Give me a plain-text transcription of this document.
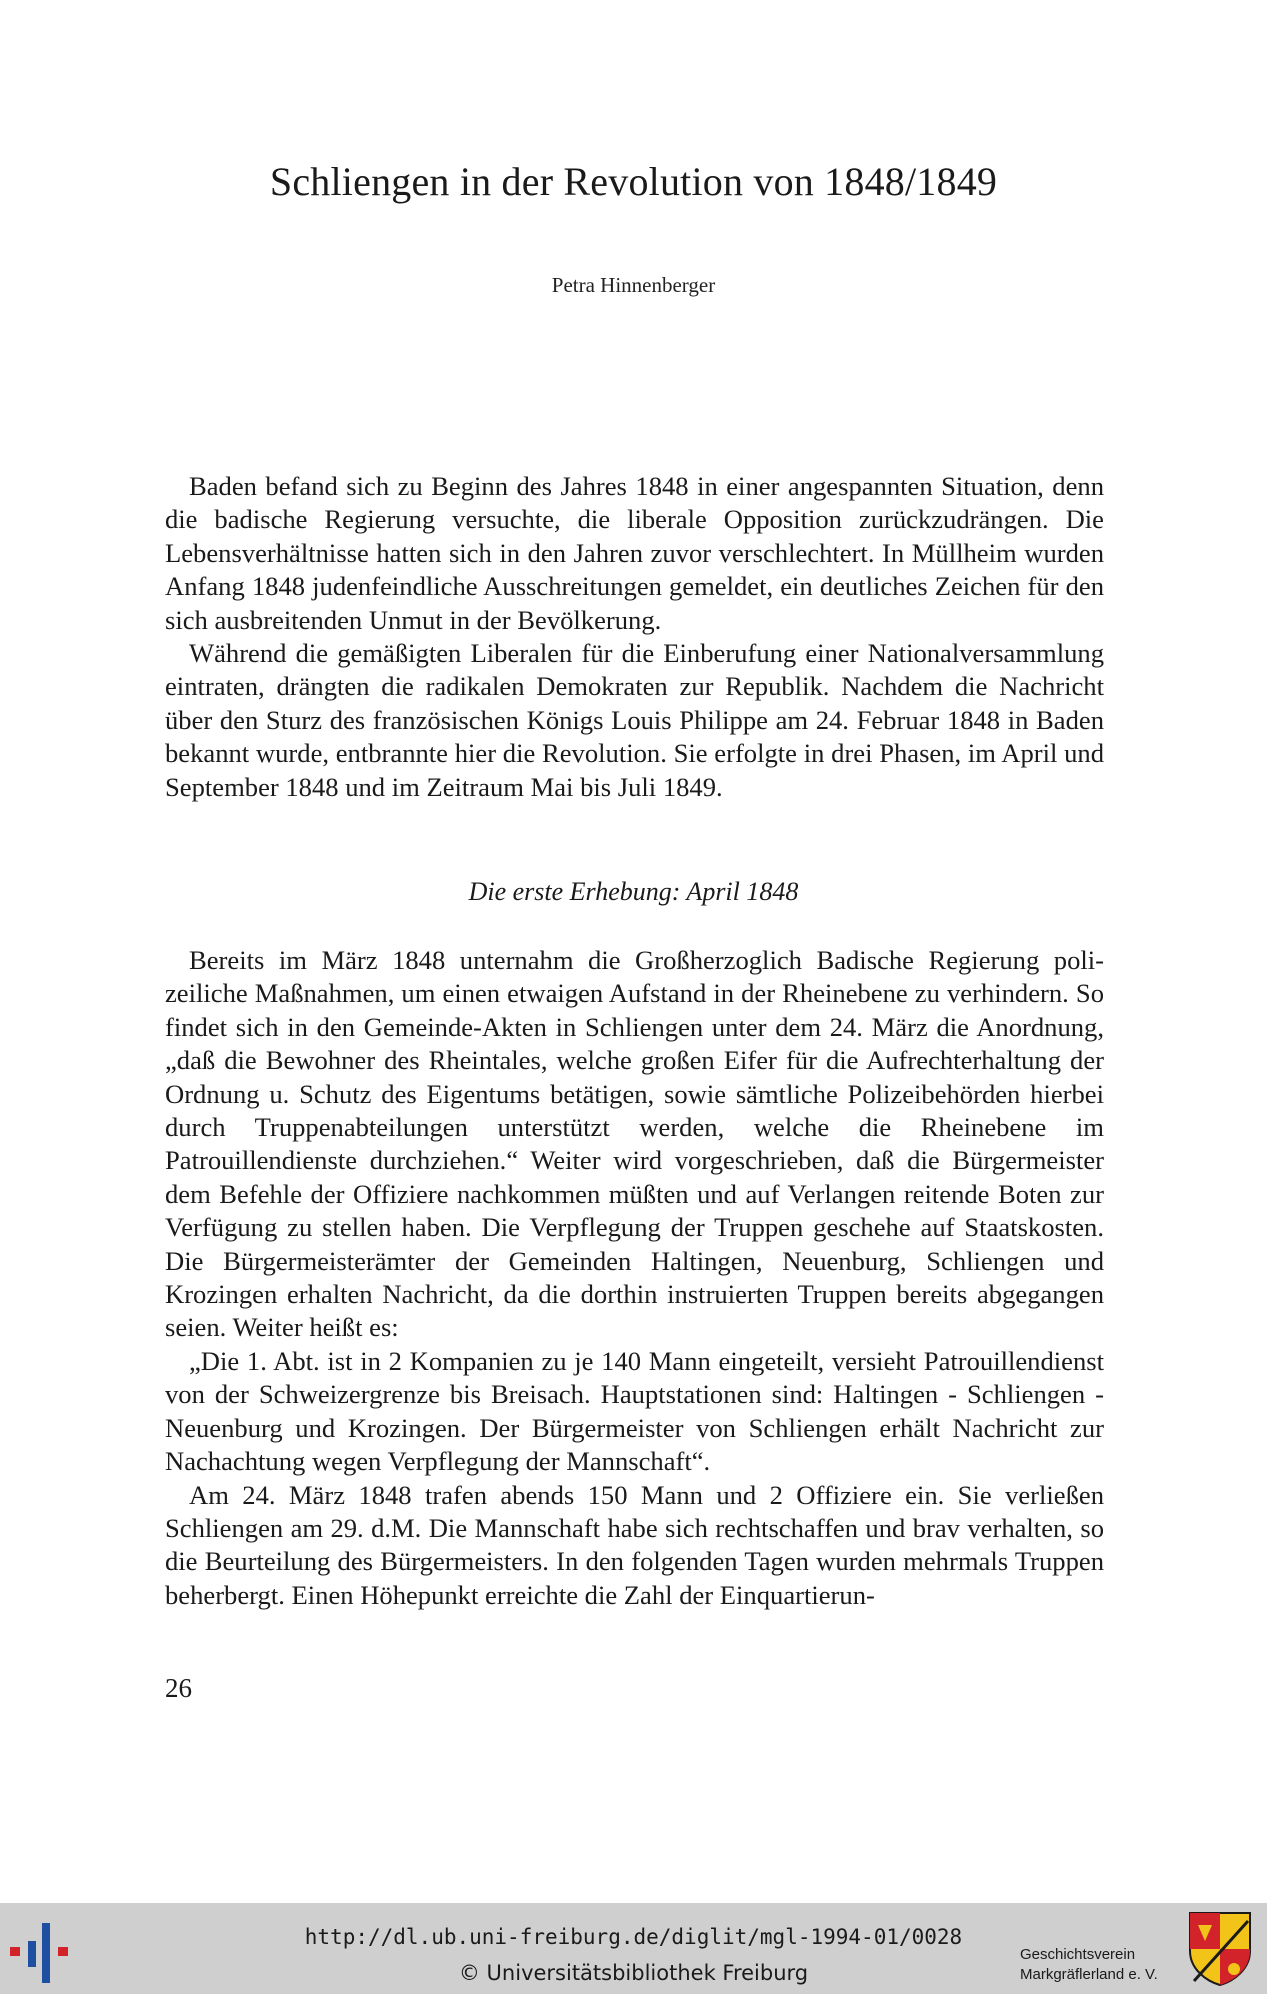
Schliengen in der Revolution von 1848/1849
Petra Hinnenberger

Baden befand sich zu Beginn des Jahres 1848 in einer angespannten Situation, denn die badische Regierung versuchte, die liberale Opposition zurückzudrängen. Die Lebensverhältnisse hatten sich in den Jahren zuvor verschlechtert. In Müllheim wurden Anfang 1848 judenfeindliche Ausschreitungen gemeldet, ein deutliches Zeichen für den sich ausbreitenden Unmut in der Bevölkerung.

Während die gemäßigten Liberalen für die Einberufung einer Nationalversammlung eintraten, drängten die radikalen Demokraten zur Republik. Nachdem die Nachricht über den Sturz des französischen Königs Louis Philippe am 24. Februar 1848 in Baden bekannt wurde, entbrannte hier die Revolution. Sie erfolgte in drei Phasen, im April und September 1848 und im Zeitraum Mai bis Juli 1849.

Die erste Erhebung: April 1848

Bereits im März 1848 unternahm die Großherzoglich Badische Regierung polizeiliche Maßnahmen, um einen etwaigen Aufstand in der Rheinebene zu verhindern. So findet sich in den Gemeinde-Akten in Schliengen unter dem 24. März die Anordnung, „daß die Bewohner des Rheintales, welche großen Eifer für die Aufrechterhaltung der Ordnung u. Schutz des Eigentums betätigen, sowie sämtliche Polizeibehörden hierbei durch Truppenabteilungen unterstützt werden, welche die Rheinebene im Patrouillendienste durchziehen.“ Weiter wird vorgeschrieben, daß die Bürgermeister dem Befehle der Offiziere nachkommen müßten und auf Verlangen reitende Boten zur Verfügung zu stellen haben. Die Verpflegung der Truppen geschehe auf Staatskosten. Die Bürgermeisterämter der Gemeinden Haltingen, Neuenburg, Schliengen und Krozingen erhalten Nachricht, da die dorthin instruierten Truppen bereits abgegangen seien. Weiter heißt es:

„Die 1. Abt. ist in 2 Kompanien zu je 140 Mann eingeteilt, versieht Patrouillendienst von der Schweizergrenze bis Breisach. Hauptstationen sind: Haltingen - Schliengen - Neuenburg und Krozingen. Der Bürgermeister von Schliengen erhält Nachricht zur Nachachtung wegen Verpflegung der Mannschaft“.

Am 24. März 1848 trafen abends 150 Mann und 2 Offiziere ein. Sie verließen Schliengen am 29. d.M. Die Mannschaft habe sich rechtschaffen und brav verhalten, so die Beurteilung des Bürgermeisters. In den folgenden Tagen wurden mehrmals Truppen beherbergt. Einen Höhepunkt erreichte die Zahl der Einquartierun-

26
http://dl.ub.uni-freiburg.de/diglit/mgl-1994-01/0028
© Universitätsbibliothek Freiburg
Geschichtsverein
Markgräflerland e. V.
